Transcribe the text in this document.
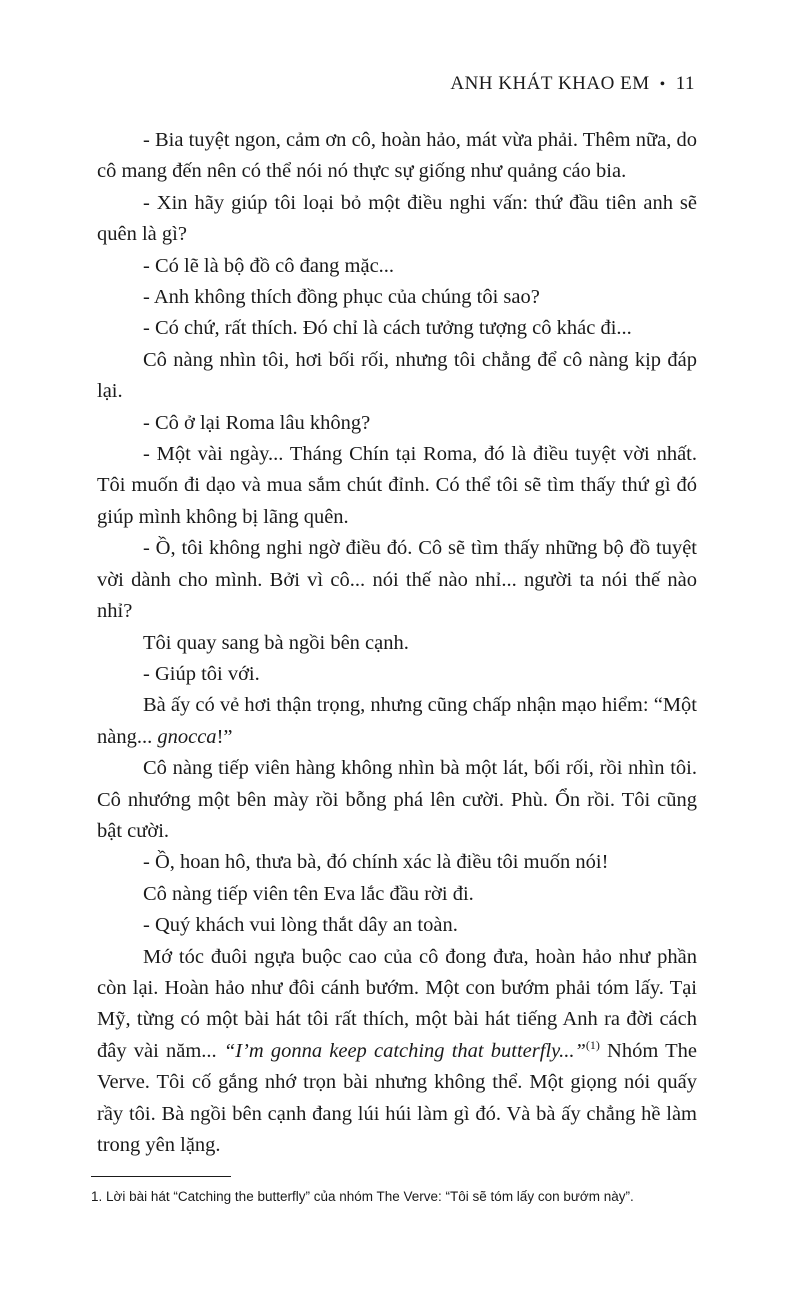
ANH KHÁT KHAO EM • 11

- Bia tuyệt ngon, cảm ơn cô, hoàn hảo, mát vừa phải. Thêm nữa, do cô mang đến nên có thể nói nó thực sự giống như quảng cáo bia.

- Xin hãy giúp tôi loại bỏ một điều nghi vấn: thứ đầu tiên anh sẽ quên là gì?

- Có lẽ là bộ đồ cô đang mặc...

- Anh không thích đồng phục của chúng tôi sao?

- Có chứ, rất thích. Đó chỉ là cách tưởng tượng cô khác đi...

Cô nàng nhìn tôi, hơi bối rối, nhưng tôi chẳng để cô nàng kịp đáp lại.

- Cô ở lại Roma lâu không?

- Một vài ngày... Tháng Chín tại Roma, đó là điều tuyệt vời nhất. Tôi muốn đi dạo và mua sắm chút đỉnh. Có thể tôi sẽ tìm thấy thứ gì đó giúp mình không bị lãng quên.

- Ồ, tôi không nghi ngờ điều đó. Cô sẽ tìm thấy những bộ đồ tuyệt vời dành cho mình. Bởi vì cô... nói thế nào nhỉ... người ta nói thế nào nhỉ?

Tôi quay sang bà ngồi bên cạnh.

- Giúp tôi với.

Bà ấy có vẻ hơi thận trọng, nhưng cũng chấp nhận mạo hiểm: “Một nàng... gnocca!”

Cô nàng tiếp viên hàng không nhìn bà một lát, bối rối, rồi nhìn tôi. Cô nhướng một bên mày rồi bỗng phá lên cười. Phù. Ổn rồi. Tôi cũng bật cười.

- Ồ, hoan hô, thưa bà, đó chính xác là điều tôi muốn nói!

Cô nàng tiếp viên tên Eva lắc đầu rời đi.

- Quý khách vui lòng thắt dây an toàn.

Mớ tóc đuôi ngựa buộc cao của cô đong đưa, hoàn hảo như phần còn lại. Hoàn hảo như đôi cánh bướm. Một con bướm phải tóm lấy. Tại Mỹ, từng có một bài hát tôi rất thích, một bài hát tiếng Anh ra đời cách đây vài năm... “I’m gonna keep catching that butterfly...”$^{(1)}$ Nhóm The Verve. Tôi cố gắng nhớ trọn bài nhưng không thể. Một giọng nói quấy rầy tôi. Bà ngồi bên cạnh đang lúi húi làm gì đó. Và bà ấy chẳng hề làm trong yên lặng.

1. Lời bài hát “Catching the butterfly” của nhóm The Verve: “Tôi sẽ tóm lấy con bướm này”.
